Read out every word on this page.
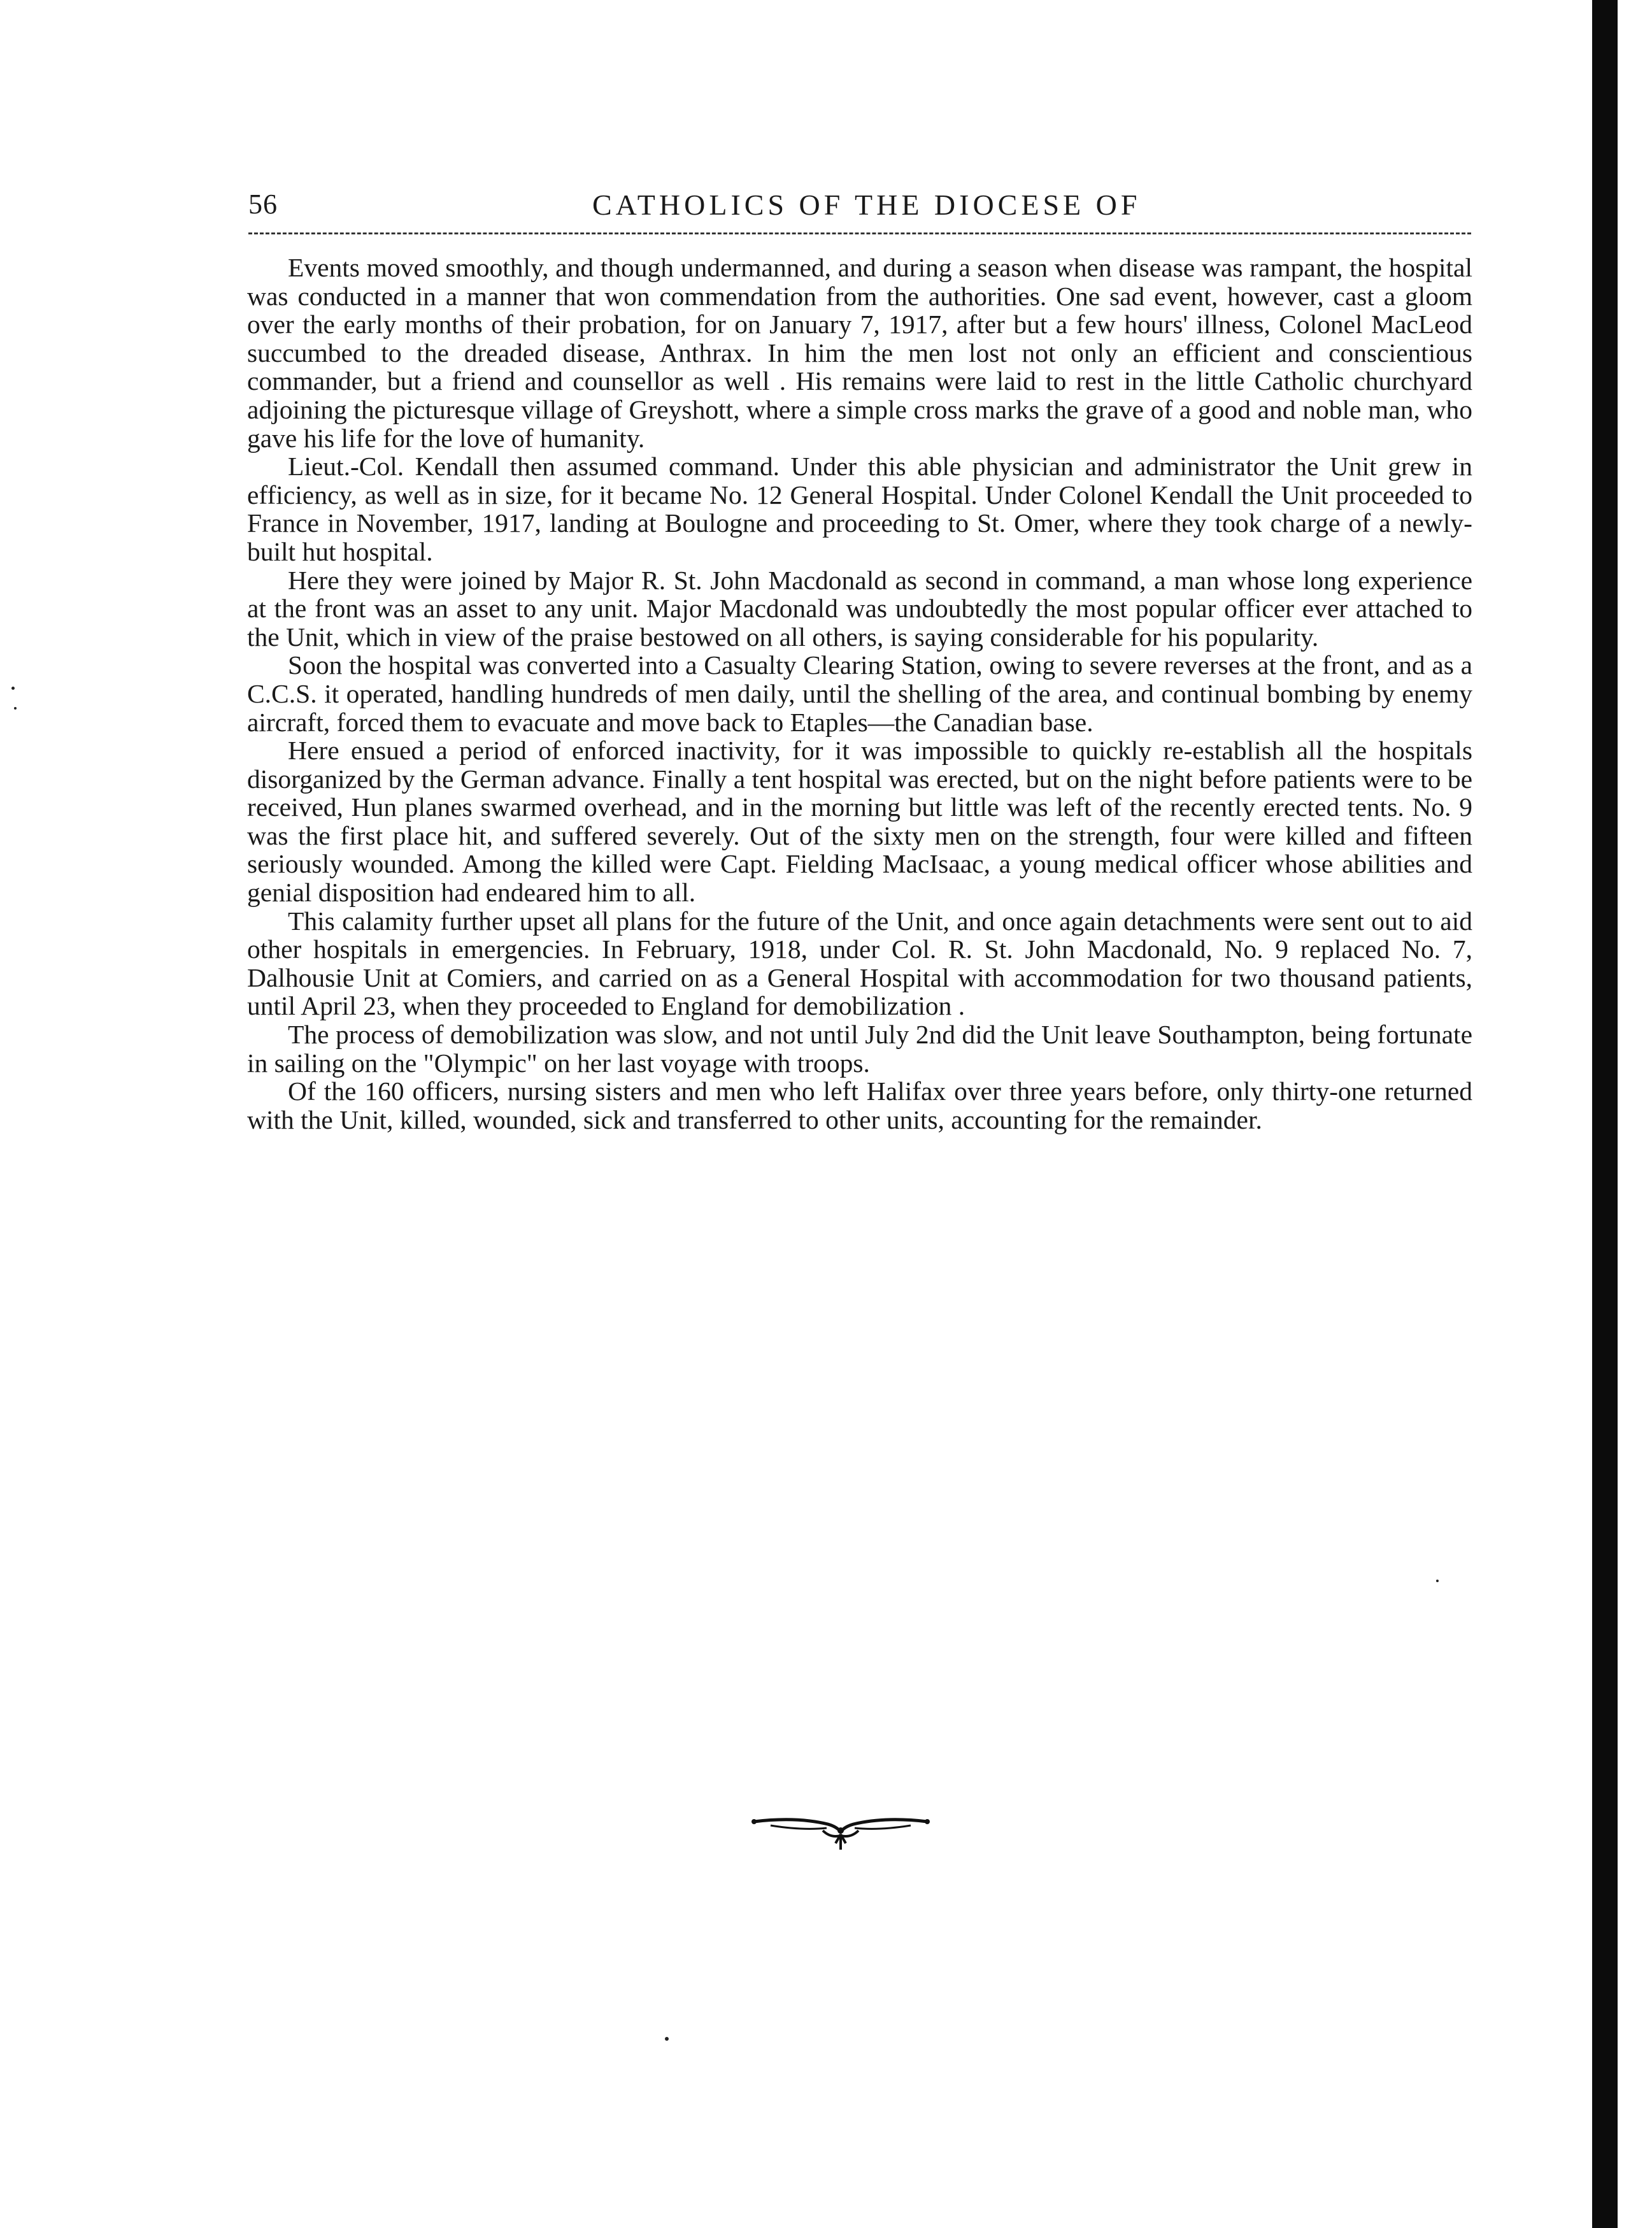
56	CATHOLICS OF THE DIOCESE OF

Events moved smoothly, and though undermanned, and during a season when disease was rampant, the hospital was conducted in a manner that won commendation from the authorities. One sad event, however, cast a gloom over the early months of their probation, for on January 7, 1917, after but a few hours' illness, Colonel MacLeod succumbed to the dreaded disease, Anthrax. In him the men lost not only an efficient and conscientious commander, but a friend and counsellor as well . His remains were laid to rest in the little Catholic churchyard adjoining the picturesque village of Greyshott, where a simple cross marks the grave of a good and noble man, who gave his life for the love of humanity.

Lieut.-Col. Kendall then assumed command. Under this able physician and administrator the Unit grew in efficiency, as well as in size, for it became No. 12 General Hospital. Under Colonel Kendall the Unit proceeded to France in November, 1917, landing at Boulogne and proceeding to St. Omer, where they took charge of a newly-built hut hospital.

Here they were joined by Major R. St. John Macdonald as second in command, a man whose long experience at the front was an asset to any unit. Major Macdonald was undoubtedly the most popular officer ever attached to the Unit, which in view of the praise bestowed on all others, is saying considerable for his popularity.

Soon the hospital was converted into a Casualty Clearing Station, owing to severe reverses at the front, and as a C.C.S. it operated, handling hundreds of men daily, until the shelling of the area, and continual bombing by enemy aircraft, forced them to evacuate and move back to Etaples—the Canadian base.

Here ensued a period of enforced inactivity, for it was impossible to quickly re-establish all the hospitals disorganized by the German advance. Finally a tent hospital was erected, but on the night before patients were to be received, Hun planes swarmed overhead, and in the morning but little was left of the recently erected tents. No. 9 was the first place hit, and suffered severely. Out of the sixty men on the strength, four were killed and fifteen seriously wounded. Among the killed were Capt. Fielding MacIsaac, a young medical officer whose abilities and genial disposition had endeared him to all.

This calamity further upset all plans for the future of the Unit, and once again detachments were sent out to aid other hospitals in emergencies. In February, 1918, under Col. R. St. John Macdonald, No. 9 replaced No. 7, Dalhousie Unit at Comiers, and carried on as a General Hospital with accommodation for two thousand patients, until April 23, when they proceeded to England for demobilization .

The process of demobilization was slow, and not until July 2nd did the Unit leave Southampton, being fortunate in sailing on the "Olympic" on her last voyage with troops.

Of the 160 officers, nursing sisters and men who left Halifax over three years before, only thirty-one returned with the Unit, killed, wounded, sick and transferred to other units, accounting for the remainder.
